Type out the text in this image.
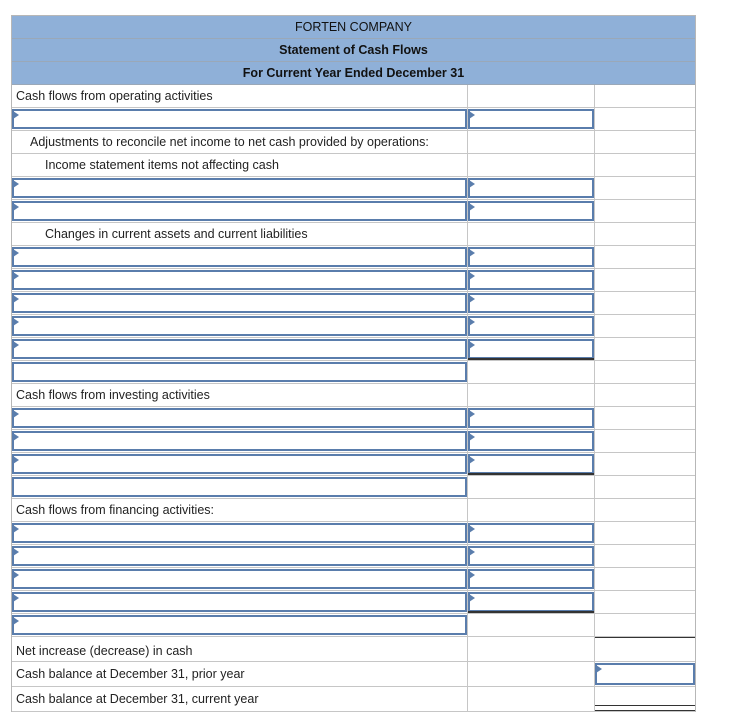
FORTEN COMPANY
Statement of Cash Flows
For Current Year Ended December 31
Cash flows from operating activities
Adjustments to reconcile net income to net cash provided by operations:
Income statement items not affecting cash
Changes in current assets and current liabilities
Cash flows from investing activities
Cash flows from financing activities:
Net increase (decrease) in cash
Cash balance at December 31, prior year
Cash balance at December 31, current year
